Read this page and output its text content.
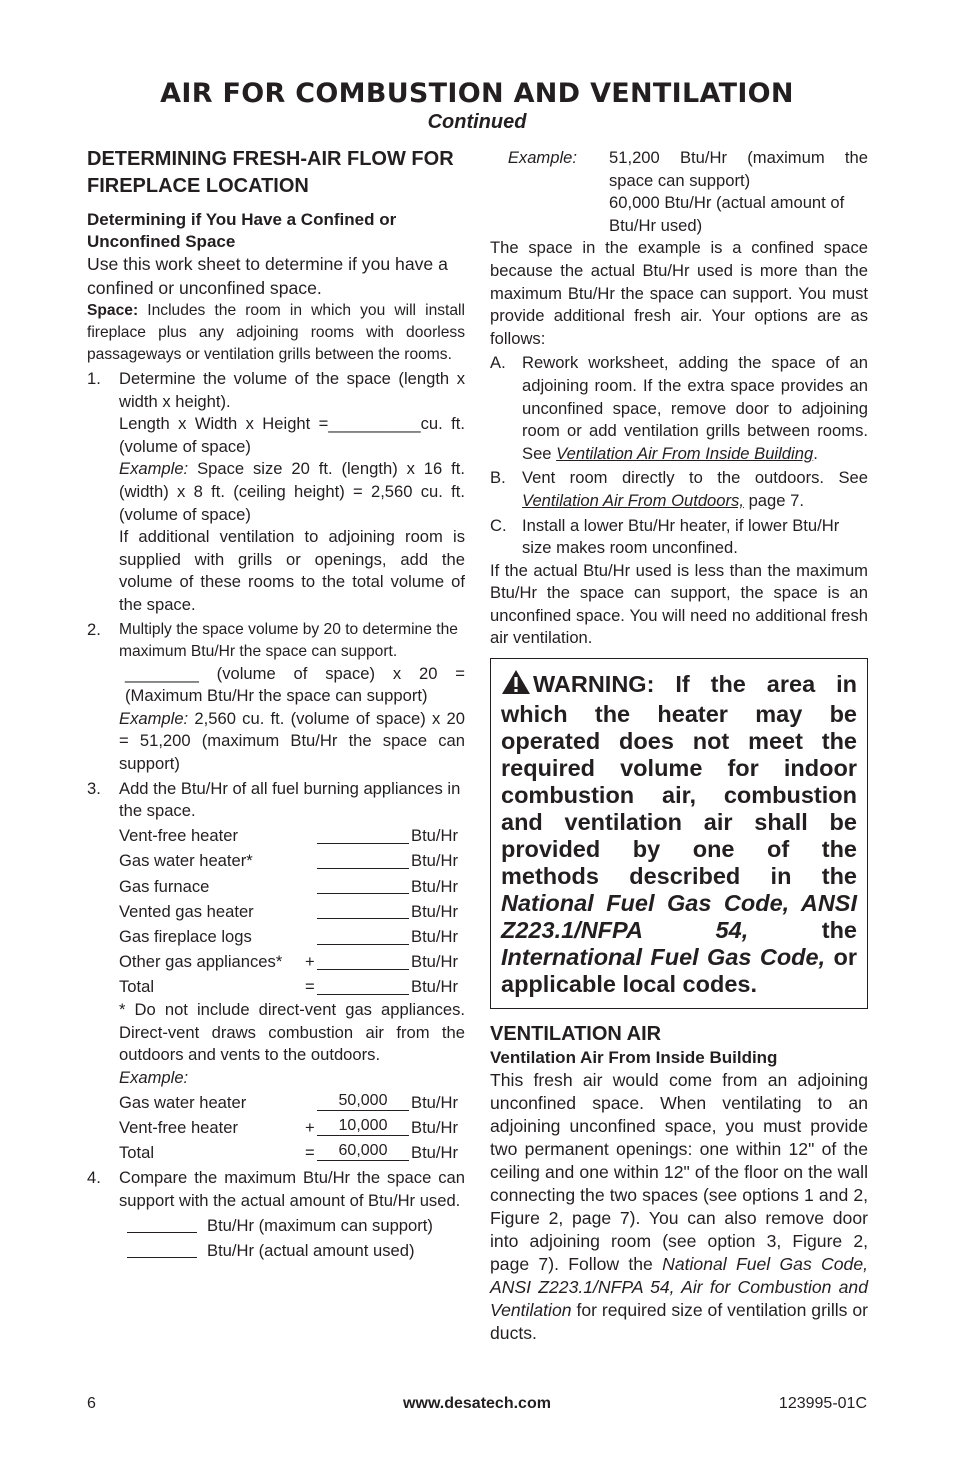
AIR FOR COMBUSTION AND VENTILATION
Continued
DETERMINING FRESH-AIR FLOW FOR FIREPLACE LOCATION
Determining if You Have a Confined or Unconfined Space

Use this work sheet to determine if you have a confined or unconfined space.

Space: Includes the room in which you will install fireplace plus any adjoining rooms with doorless passageways or ventilation grills between the rooms.

1.	Determine the volume of the space (length x width x height).

Length x Width x Height =__________cu. ft. (volume of space)

Example: Space size 20 ft. (length) x 16 ft. (width) x 8 ft. (ceiling height) = 2,560 cu. ft. (volume of space)

If additional ventilation to adjoining room is supplied with grills or openings, add the volume of these rooms to the total volume of the space.

2.	Multiply the space volume by 20 to determine the maximum Btu/Hr the space can support.

________ (volume of space) x 20 = (Maximum Btu/Hr the space can support)

Example: 2,560 cu. ft. (volume of space) x 20 = 51,200 (maximum Btu/Hr the space can support)

3.	Add the Btu/Hr of all fuel burning appliances in the space.

Vent-free heater	Btu/Hr
Gas water heater*	Btu/Hr
Gas furnace	Btu/Hr
Vented gas heater	Btu/Hr
Gas fireplace logs	Btu/Hr
Other gas appliances*	+	Btu/Hr
Total	=	Btu/Hr

* Do not include direct-vent gas appliances. Direct-vent draws combustion air from the outdoors and vents to the outdoors.

Example:

Gas water heater	50,000	Btu/Hr
Vent-free heater	+	10,000	Btu/Hr
Total	=	60,000	Btu/Hr
4.	Compare the maximum Btu/Hr the space can support with the actual amount of Btu/Hr used.

Btu/Hr (maximum can support)
Btu/Hr (actual amount used)
Example:	51,200 Btu/Hr (maximum the space can support)

60,000 Btu/Hr (actual amount of Btu/Hr used)

The space in the example is a confined space because the actual Btu/Hr used is more than the maximum Btu/Hr the space can support. You must provide additional fresh air. Your options are as follows:

A. Rework worksheet, adding the space of an adjoining room. If the extra space provides an unconfined space, remove door to adjoining room or add ventilation grills between rooms. See Ventilation Air From Inside Building.

B. Vent room directly to the outdoors. See Ventilation Air From Outdoors, page 7.

C. Install a lower Btu/Hr heater, if lower Btu/Hr size makes room unconfined.

If the actual Btu/Hr used is less than the maximum Btu/Hr the space can support, the space is an unconfined space. You will need no additional fresh air ventilation.

WARNING: If the area in which the heater may be operated does not meet the required volume for indoor combustion air, combustion and ventilation air shall be provided by one of the methods described in the National Fuel Gas Code, ANSI Z223.1/NFPA 54,	the International Fuel Gas Code, or applicable local codes.
VENTILATION AIR
Ventilation Air From Inside Building

This fresh air would come from an adjoining unconfined space. When ventilating to an adjoining unconfined space, you must provide two permanent openings: one within 12" of the ceiling and one within 12" of the floor on the wall connecting the two spaces (see options 1 and 2, Figure 2, page 7). You can also remove door into adjoining room (see option 3, Figure 2, page 7). Follow the National Fuel Gas Code, ANSI Z223.1/NFPA 54, Air for Combustion and Ventilation for required size of ventilation grills or ducts.

6	www.desatech.com	123995-01C
